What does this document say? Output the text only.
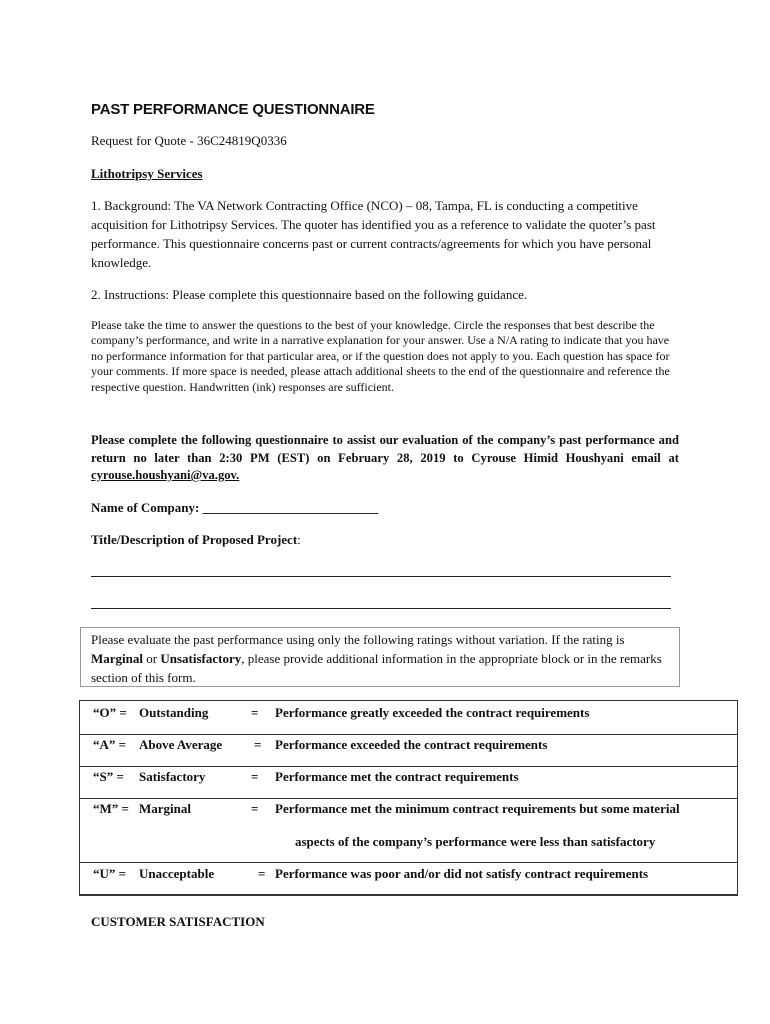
PAST PERFORMANCE QUESTIONNAIRE
Request for Quote - 36C24819Q0336
Lithotripsy Services
1. Background: The VA Network Contracting Office (NCO) – 08, Tampa, FL is conducting a competitive acquisition for Lithotripsy Services. The quoter has identified you as a reference to validate the quoter’s past performance. This questionnaire concerns past or current contracts/agreements for which you have personal knowledge.
2. Instructions: Please complete this questionnaire based on the following guidance.
Please take the time to answer the questions to the best of your knowledge. Circle the responses that best describe the company’s performance, and write in a narrative explanation for your answer. Use a N/A rating to indicate that you have no performance information for that particular area, or if the question does not apply to you. Each question has space for your comments. If more space is needed, please attach additional sheets to the end of the questionnaire and reference the respective question. Handwritten (ink) responses are sufficient.
Please complete the following questionnaire to assist our evaluation of the company’s past performance and return no later than 2:30 PM (EST) on February 28, 2019 to Cyrouse Himid Houshyani email at cyrouse.houshyani@va.gov.
Name of Company: ___________________________
Title/Description of Proposed Project:
Please evaluate the past performance using only the following ratings without variation. If the rating is Marginal or Unsatisfactory, please provide additional information in the appropriate block or in the remarks section of this form.
“O” = Outstanding	= Performance greatly exceeded the contract requirements
“A” = Above Average = Performance exceeded the contract requirements
“S” = Satisfactory	= Performance met the contract requirements
“M” = Marginal	= Performance met the minimum contract requirements but some material
aspects of the company’s performance were less than satisfactory
“U” = Unacceptable	= Performance was poor and/or did not satisfy contract requirements
CUSTOMER SATISFACTION
